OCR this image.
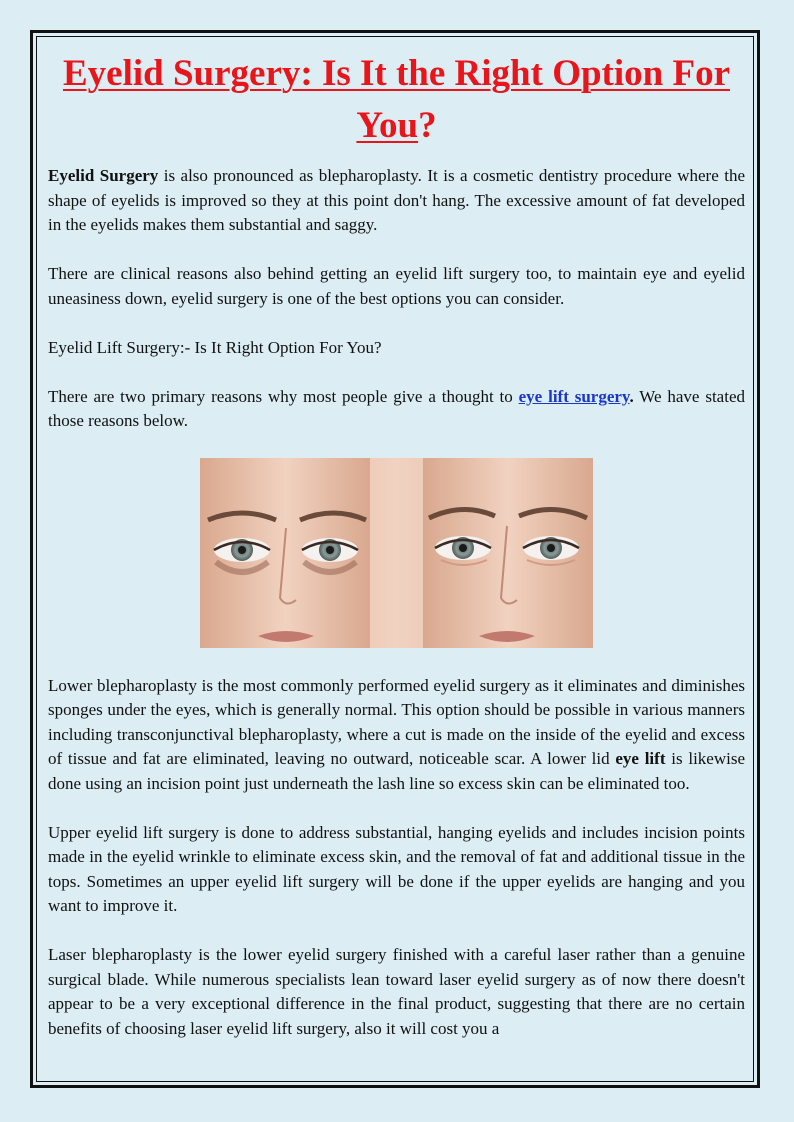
Eyelid Surgery: Is It the Right Option For
You?

Eyelid Surgery is also pronounced as blepharoplasty. It is a cosmetic dentistry procedure where the shape of eyelids is improved so they at this point don't hang. The excessive amount of fat developed in the eyelids makes them substantial and saggy.

There are clinical reasons also behind getting an eyelid lift surgery too, to maintain eye and eyelid uneasiness down, eyelid surgery is one of the best options you can consider.

Eyelid Lift Surgery:- Is It Right Option For You?

There are two primary reasons why most people give a thought to eye lift surgery. We have stated those reasons below.

Lower blepharoplasty is the most commonly performed eyelid surgery as it eliminates and diminishes sponges under the eyes, which is generally normal. This option should be possible in various manners including transconjunctival blepharoplasty, where a cut is made on the inside of the eyelid and excess of tissue and fat are eliminated, leaving no outward, noticeable scar. A lower lid eye lift is likewise done using an incision point just underneath the lash line so excess skin can be eliminated too.

Upper eyelid lift surgery is done to address substantial, hanging eyelids and includes incision points made in the eyelid wrinkle to eliminate excess skin, and the removal of fat and additional tissue in the tops. Sometimes an upper eyelid lift surgery will be done if the upper eyelids are hanging and you want to improve it.

Laser blepharoplasty is the lower eyelid surgery finished with a careful laser rather than a genuine surgical blade. While numerous specialists lean toward laser eyelid surgery as of now there doesn't appear to be a very exceptional difference in the final product, suggesting that there are no certain benefits of choosing laser eyelid lift surgery, also it will cost you a
